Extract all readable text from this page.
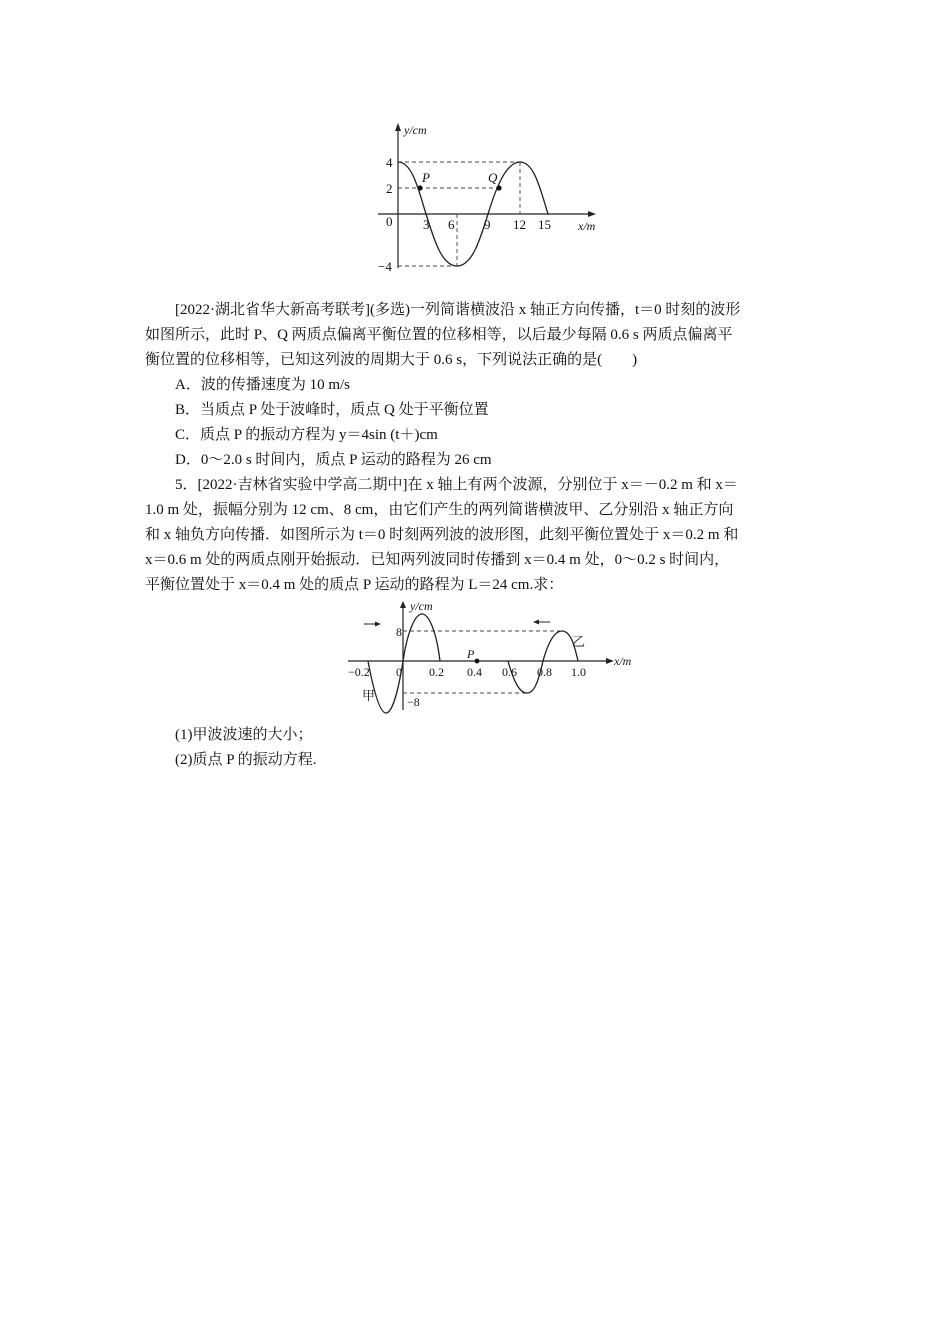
P	Q
y/cm
x/m
0
4
2
−4
3 6 9 12 15
[2022·湖北省华大新高考联考](多选)一列简谐横波沿 x 轴正方向传播，t＝0 时刻的波形
如图所示，此时 P、Q 两质点偏离平衡位置的位移相等，以后最少每隔 0.6 s 两质点偏离平
衡位置的位移相等，已知这列波的周期大于 0.6 s，下列说法正确的是(　　)
A．波的传播速度为 10 m/s
B．当质点 P 处于波峰时，质点 Q 处于平衡位置
C．质点 P 的振动方程为 y＝4sin (t＋)cm
D．0～2.0 s 时间内，质点 P 运动的路程为 26 cm
5．[2022·吉林省实验中学高二期中]在 x 轴上有两个波源，分别位于 x＝－0.2 m 和 x＝
1.0 m 处，振幅分别为 12 cm、8 cm，由它们产生的两列简谐横波甲、乙分别沿 x 轴正方向
和 x 轴负方向传播．如图所示为 t＝0 时刻两列波的波形图，此刻平衡位置处于 x＝0.2 m 和
x＝0.6 m 处的两质点刚开始振动．已知两列波同时传播到 x＝0.4 m 处，0～0.2 s 时间内，
平衡位置处于 x＝0.4 m 处的质点 P 运动的路程为 L＝24 cm.求：
P
y/cm
x/m
0
8
−8
−0.2	0.2 0.4 0.6 0.8 1.0
甲
乙
(1)甲波波速的大小；
(2)质点 P 的振动方程.
